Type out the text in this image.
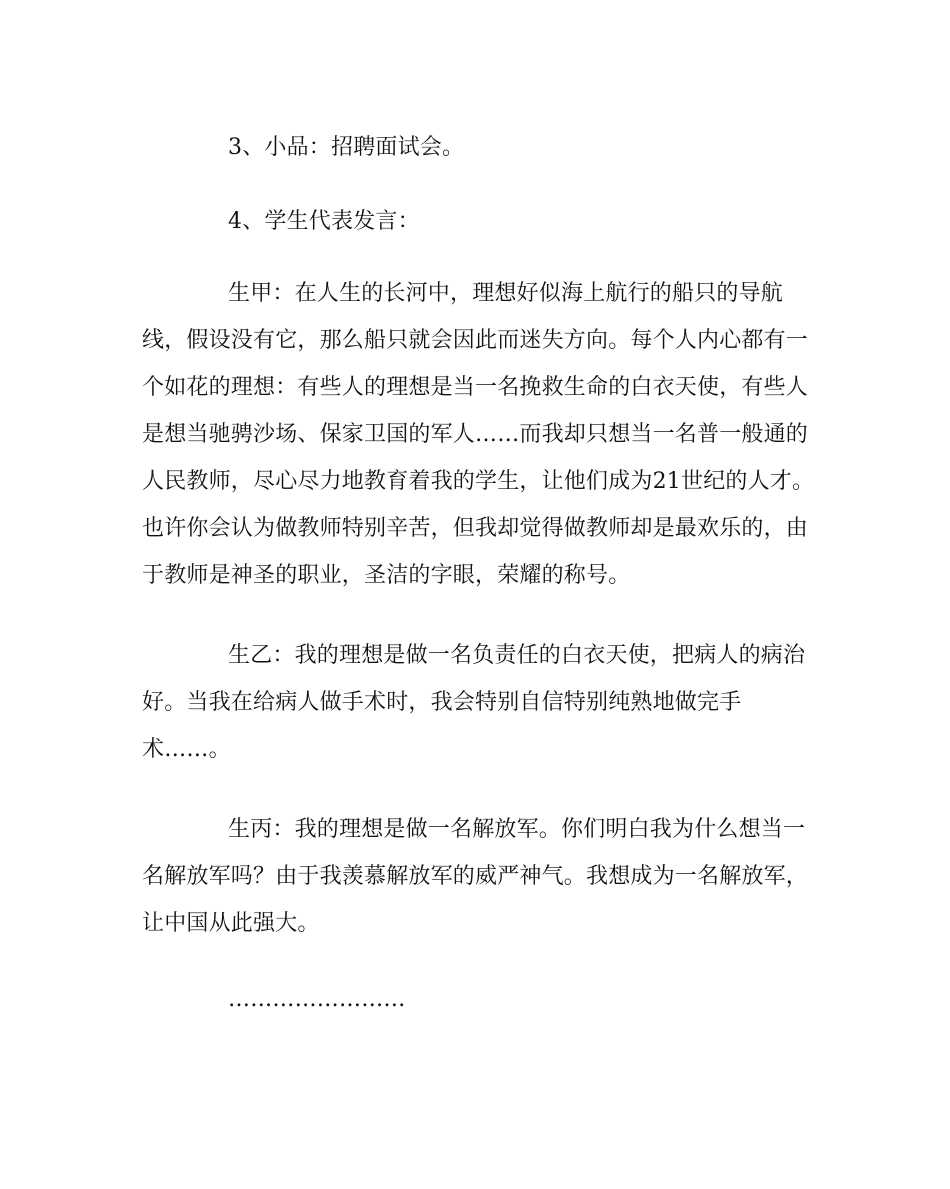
3、小品：招聘面试会。
4、学生代表发言：
生甲：在人生的长河中，理想好似海上航行的船只的导航
线，假设没有它，那么船只就会因此而迷失方向。每个人内心都有一
个如花的理想：有些人的理想是当一名挽救生命的白衣天使，有些人
是想当驰骋沙场、保家卫国的军人……而我却只想当一名普一般通的
人民教师，尽心尽力地教育着我的学生，让他们成为21世纪的人才。
也许你会认为做教师特别辛苦，但我却觉得做教师却是最欢乐的，由
于教师是神圣的职业，圣洁的字眼，荣耀的称号。
生乙：我的理想是做一名负责任的白衣天使，把病人的病治
好。当我在给病人做手术时，我会特别自信特别纯熟地做完手
术……。
生丙：我的理想是做一名解放军。你们明白我为什么想当一
名解放军吗？由于我羡慕解放军的威严神气。我想成为一名解放军，
让中国从此强大。
……………………
